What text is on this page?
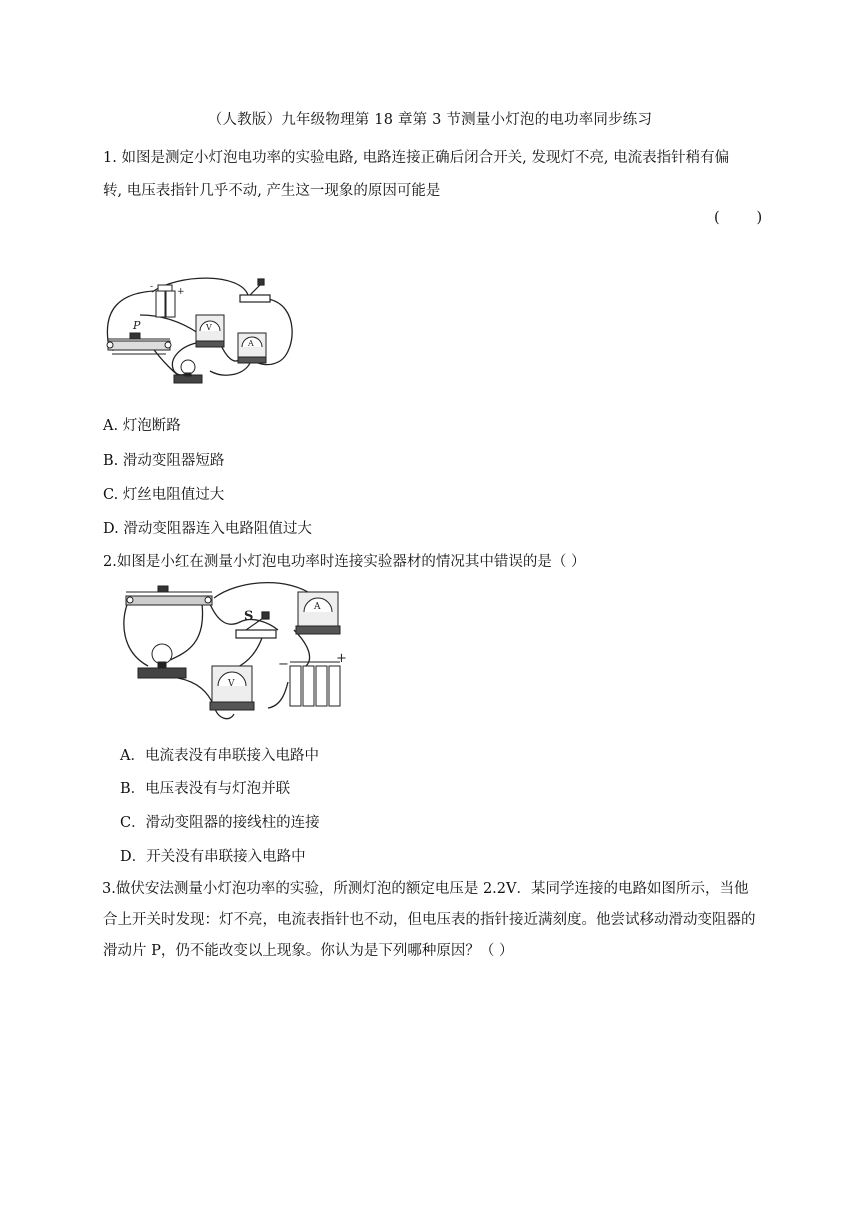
（人教版）九年级物理第 18 章第 3 节测量小灯泡的电功率同步练习
1. 如图是测定小灯泡电功率的实验电路, 电路连接正确后闭合开关, 发现灯不亮, 电流表指针稍有偏
转, 电压表指针几乎不动, 产生这一现象的原因可能是
(        )
+
-
P	V
A
A. 灯泡断路
B. 滑动变阻器短路
C. 灯丝电阻值过大
D. 滑动变阻器连入电路阻值过大
2.如图是小红在测量小灯泡电功率时连接实验器材的情况其中错误的是（ ）
A
S
V
+
−
A．电流表没有串联接入电路中
B．电压表没有与灯泡并联
C．滑动变阻器的接线柱的连接
D．开关没有串联接入电路中
3.做伏安法测量小灯泡功率的实验，所测灯泡的额定电压是 2.2V．某同学连接的电路如图所示，当他合上开关时发现：灯不亮，电流表指针也不动，但电压表的指针接近满刻度。他尝试移动滑动变阻器的滑动片 P，仍不能改变以上现象。你认为是下列哪种原因？（ ）
